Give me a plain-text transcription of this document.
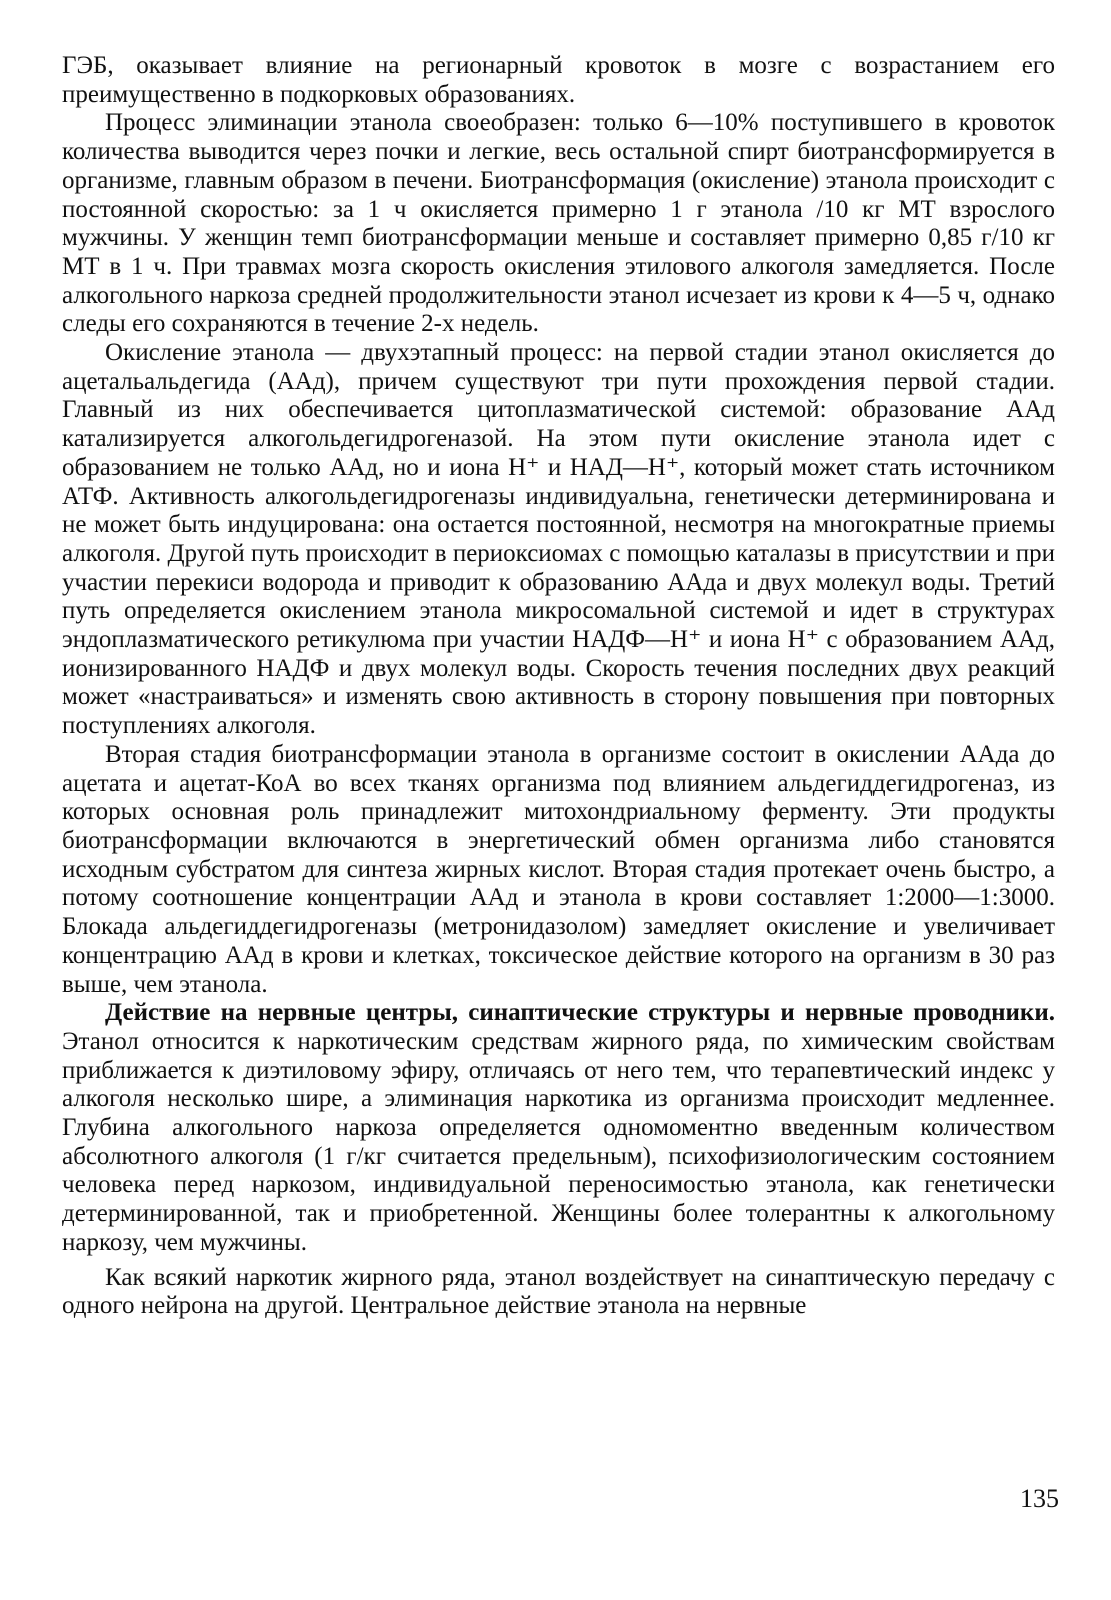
ГЭБ, оказывает влияние на регионарный кровоток в мозге с возрастанием его преимущественно в подкорковых образованиях.

Процесс элиминации этанола своеобразен: только 6—10% поступившего в кровоток количества выводится через почки и легкие, весь остальной спирт биотрансформируется в организме, главным образом в печени. Биотрансформация (окисление) этанола происходит с постоянной скоростью: за 1 ч окисляется примерно 1 г этанола /10 кг МТ взрослого мужчины. У женщин темп биотрансформации меньше и составляет примерно 0,85 г/10 кг МТ в 1 ч. При травмах мозга скорость окисления этилового алкоголя замедляется. После алкогольного наркоза средней продолжительности этанол исчезает из крови к 4—5 ч, однако следы его сохраняются в течение 2-х недель.

Окисление этанола — двухэтапный процесс: на первой стадии этанол окисляется до ацетальальдегида (ААд), причем существуют три пути прохождения первой стадии. Главный из них обеспечивается цитоплазматической системой: образование ААд катализируется алкогольдегидрогеназой. На этом пути окисление этанола идет с образованием не только ААд, но и иона Н⁺ и НАД—Н⁺, который может стать источником АТФ. Активность алкогольдегидрогеназы индивидуальна, генетически детерминирована и не может быть индуцирована: она остается постоянной, несмотря на многократные приемы алкоголя. Другой путь происходит в периоксиомах с помощью каталазы в присутствии и при участии перекиси водорода и приводит к образованию ААда и двух молекул воды. Третий путь определяется окислением этанола микросомальной системой и идет в структурах эндоплазматического ретикулюма при участии НАДФ—Н⁺ и иона Н⁺ с образованием ААд, ионизированного НАДФ и двух молекул воды. Скорость течения последних двух реакций может «настраиваться» и изменять свою активность в сторону повышения при повторных поступлениях алкоголя.

Вторая стадия биотрансформации этанола в организме состоит в окислении ААда до ацетата и ацетат-КоА во всех тканях организма под влиянием альдегиддегидрогеназ, из которых основная роль принадлежит митохондриальному ферменту. Эти продукты биотрансформации включаются в энергетический обмен организма либо становятся исходным субстратом для синтеза жирных кислот. Вторая стадия протекает очень быстро, а потому соотношение концентрации ААд и этанола в крови составляет 1:2000—1:3000. Блокада альдегиддегидрогеназы (метронидазолом) замедляет окисление и увеличивает концентрацию ААд в крови и клетках, токсическое действие которого на организм в 30 раз выше, чем этанола.

Действие на нервные центры, синаптические структуры и нервные проводники. Этанол относится к наркотическим средствам жирного ряда, по химическим свойствам приближается к диэтиловому эфиру, отличаясь от него тем, что терапевтический индекс у алкоголя несколько шире, а элиминация наркотика из организма происходит медленнее. Глубина алкогольного наркоза определяется одномоментно введенным количеством абсолютного алкоголя (1 г/кг считается предельным), психофизиологическим состоянием человека перед наркозом, индивидуальной переносимостью этанола, как генетически детерминированной, так и приобретенной. Женщины более толерантны к алкогольному наркозу, чем мужчины.

Как всякий наркотик жирного ряда, этанол воздействует на синаптическую передачу с одного нейрона на другой. Центральное действие этанола на нервные

135
